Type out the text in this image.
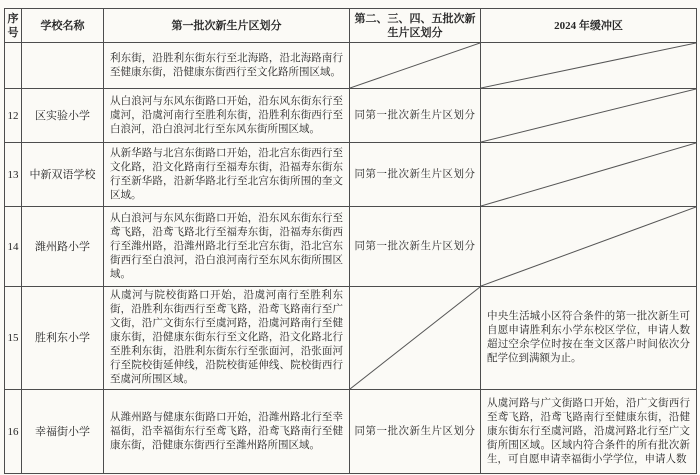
序号	学校名称	第一批次新生片区划分	第二、三、四、五批次新生片区划分	2024 年缓冲区
		利东街，沿胜利东街东行至北海路，沿北海路南行至健康东街，沿健康东街西行至文化路所围区域。	

12	区实验小学	从白浪河与东风东街路口开始，沿东风东街东行至虞河，沿虞河南行至胜利东街，沿胜利东街西行至白浪河，沿白浪河北行至东风东街所围区域。	同第一批次新生片区划分	

13	中新双语学校	从新华路与北宫东街路口开始，沿北宫东街西行至文化路，沿文化路南行至福寿东街，沿福寿东街东行至新华路，沿新华路北行至北宫东街所围的奎文区域。	同第一批次新生片区划分	

14	潍州路小学	从白浪河与东风东街路口开始，沿东风东街东行至鸢飞路，沿鸢飞路北行至福寿东街，沿福寿东街西行至潍州路，沿潍州路北行至北宫东街，沿北宫东街西行至白浪河，沿白浪河南行至东风东街所围区域。	同第一批次新生片区划分	

15	胜利东小学	从虞河与院校街路口开始，沿虞河南行至胜利东街，沿胜利东街西行至鸢飞路，沿鸢飞路南行至广文街，沿广文街东行至虞河路，沿虞河路南行至健康东街，沿健康东街东行至文化路，沿文化路北行至胜利东街，沿胜利东街东行至张面河，沿张面河行至院校街延伸线，沿院校街延伸线、院校街西行至虞河所围区域。		中央生活城小区符合条件的第一批次新生可自愿申请胜利东小学东校区学位，申请人数超过空余学位时按在奎文区落户时间依次分配学位到满额为止。
16	幸福街小学	从潍州路与健康东街路口开始，沿潍州路北行至幸福街，沿幸福街东行至鸢飞路，沿鸢飞路南行至健康东街，沿健康东街西行至潍州路所围区域。	同第一批次新生片区划分	从虞河路与广文街路口开始，沿广文街西行至鸢飞路，沿鸢飞路南行至健康东街，沿健康东街东行至虞河路，沿虞河路北行至广文街所围区域。区域内符合条件的所有批次新生，可自愿申请幸福街小学学位，申请人数
